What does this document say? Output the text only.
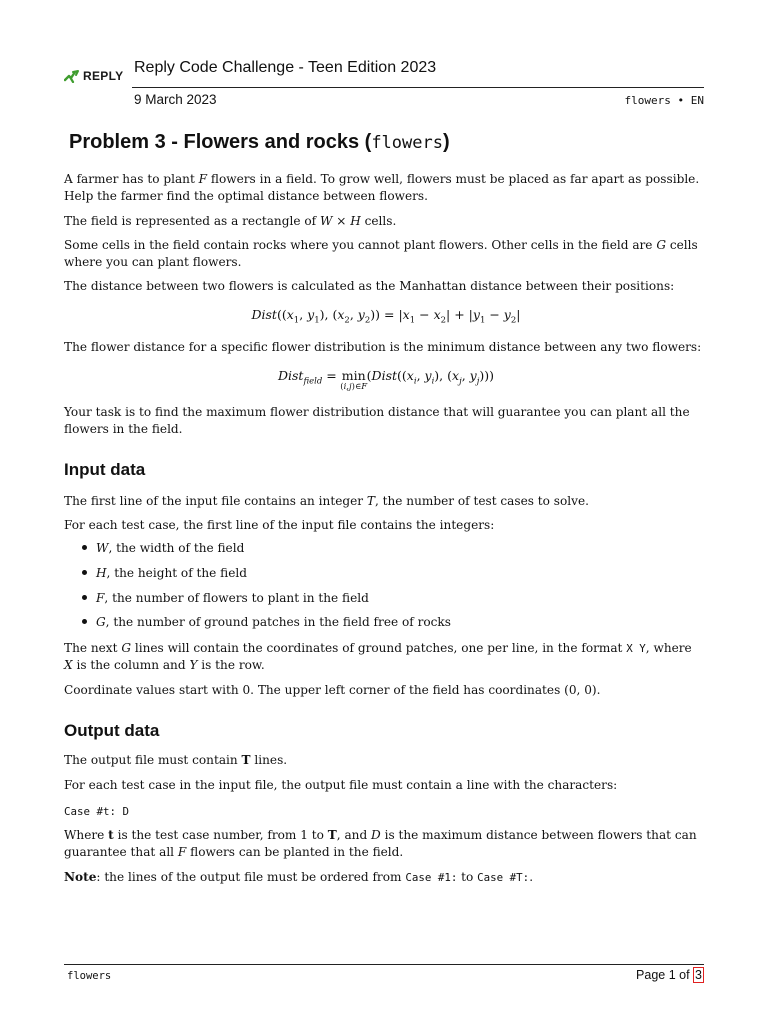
REPLY Reply Code Challenge - Teen Edition 2023
9 March 2023	flowers • EN
Problem 3 - Flowers and rocks (flowers)
A farmer has to plant F flowers in a field. To grow well, flowers must be placed as far apart as possible.
Help the farmer find the optimal distance between flowers.
The field is represented as a rectangle of W × H cells.
Some cells in the field contain rocks where you cannot plant flowers. Other cells in the field are G cells
where you can plant flowers.
The distance between two flowers is calculated as the Manhattan distance between their positions:
$Dist((x_1$, $y_1$), ($x_2$, $y_2)) = |x_1 - x_2| + |y_1 - y_2|$
The flower distance for a specific flower distribution is the minimum distance between any two flowers:
Dist$_{field}$ = min
(i,j)∈F
($Dist((x_i$, $y_i$), ($x_j$, $y_j$)))
Your task is to find the maximum flower distribution distance that will guarantee you can plant all the
flowers in the field.
Input data
The first line of the input file contains an integer T, the number of test cases to solve.
For each test case, the first line of the input file contains the integers:
W, the width of the field
H, the height of the field
F, the number of flowers to plant in the field
G, the number of ground patches in the field free of rocks
The next G lines will contain the coordinates of ground patches, one per line, in the format X Y, where
X is the column and Y is the row.
Coordinate values start with 0. The upper left corner of the field has coordinates (0, 0).
Output data
The output file must contain T lines.
For each test case in the input file, the output file must contain a line with the characters:
Case #t: D
Where t is the test case number, from 1 to T, and D is the maximum distance between flowers that can
guarantee that all F flowers can be planted in the field.
Note: the lines of the output file must be ordered from Case #1: to Case #T:.
flowers	Page 1 of 3
